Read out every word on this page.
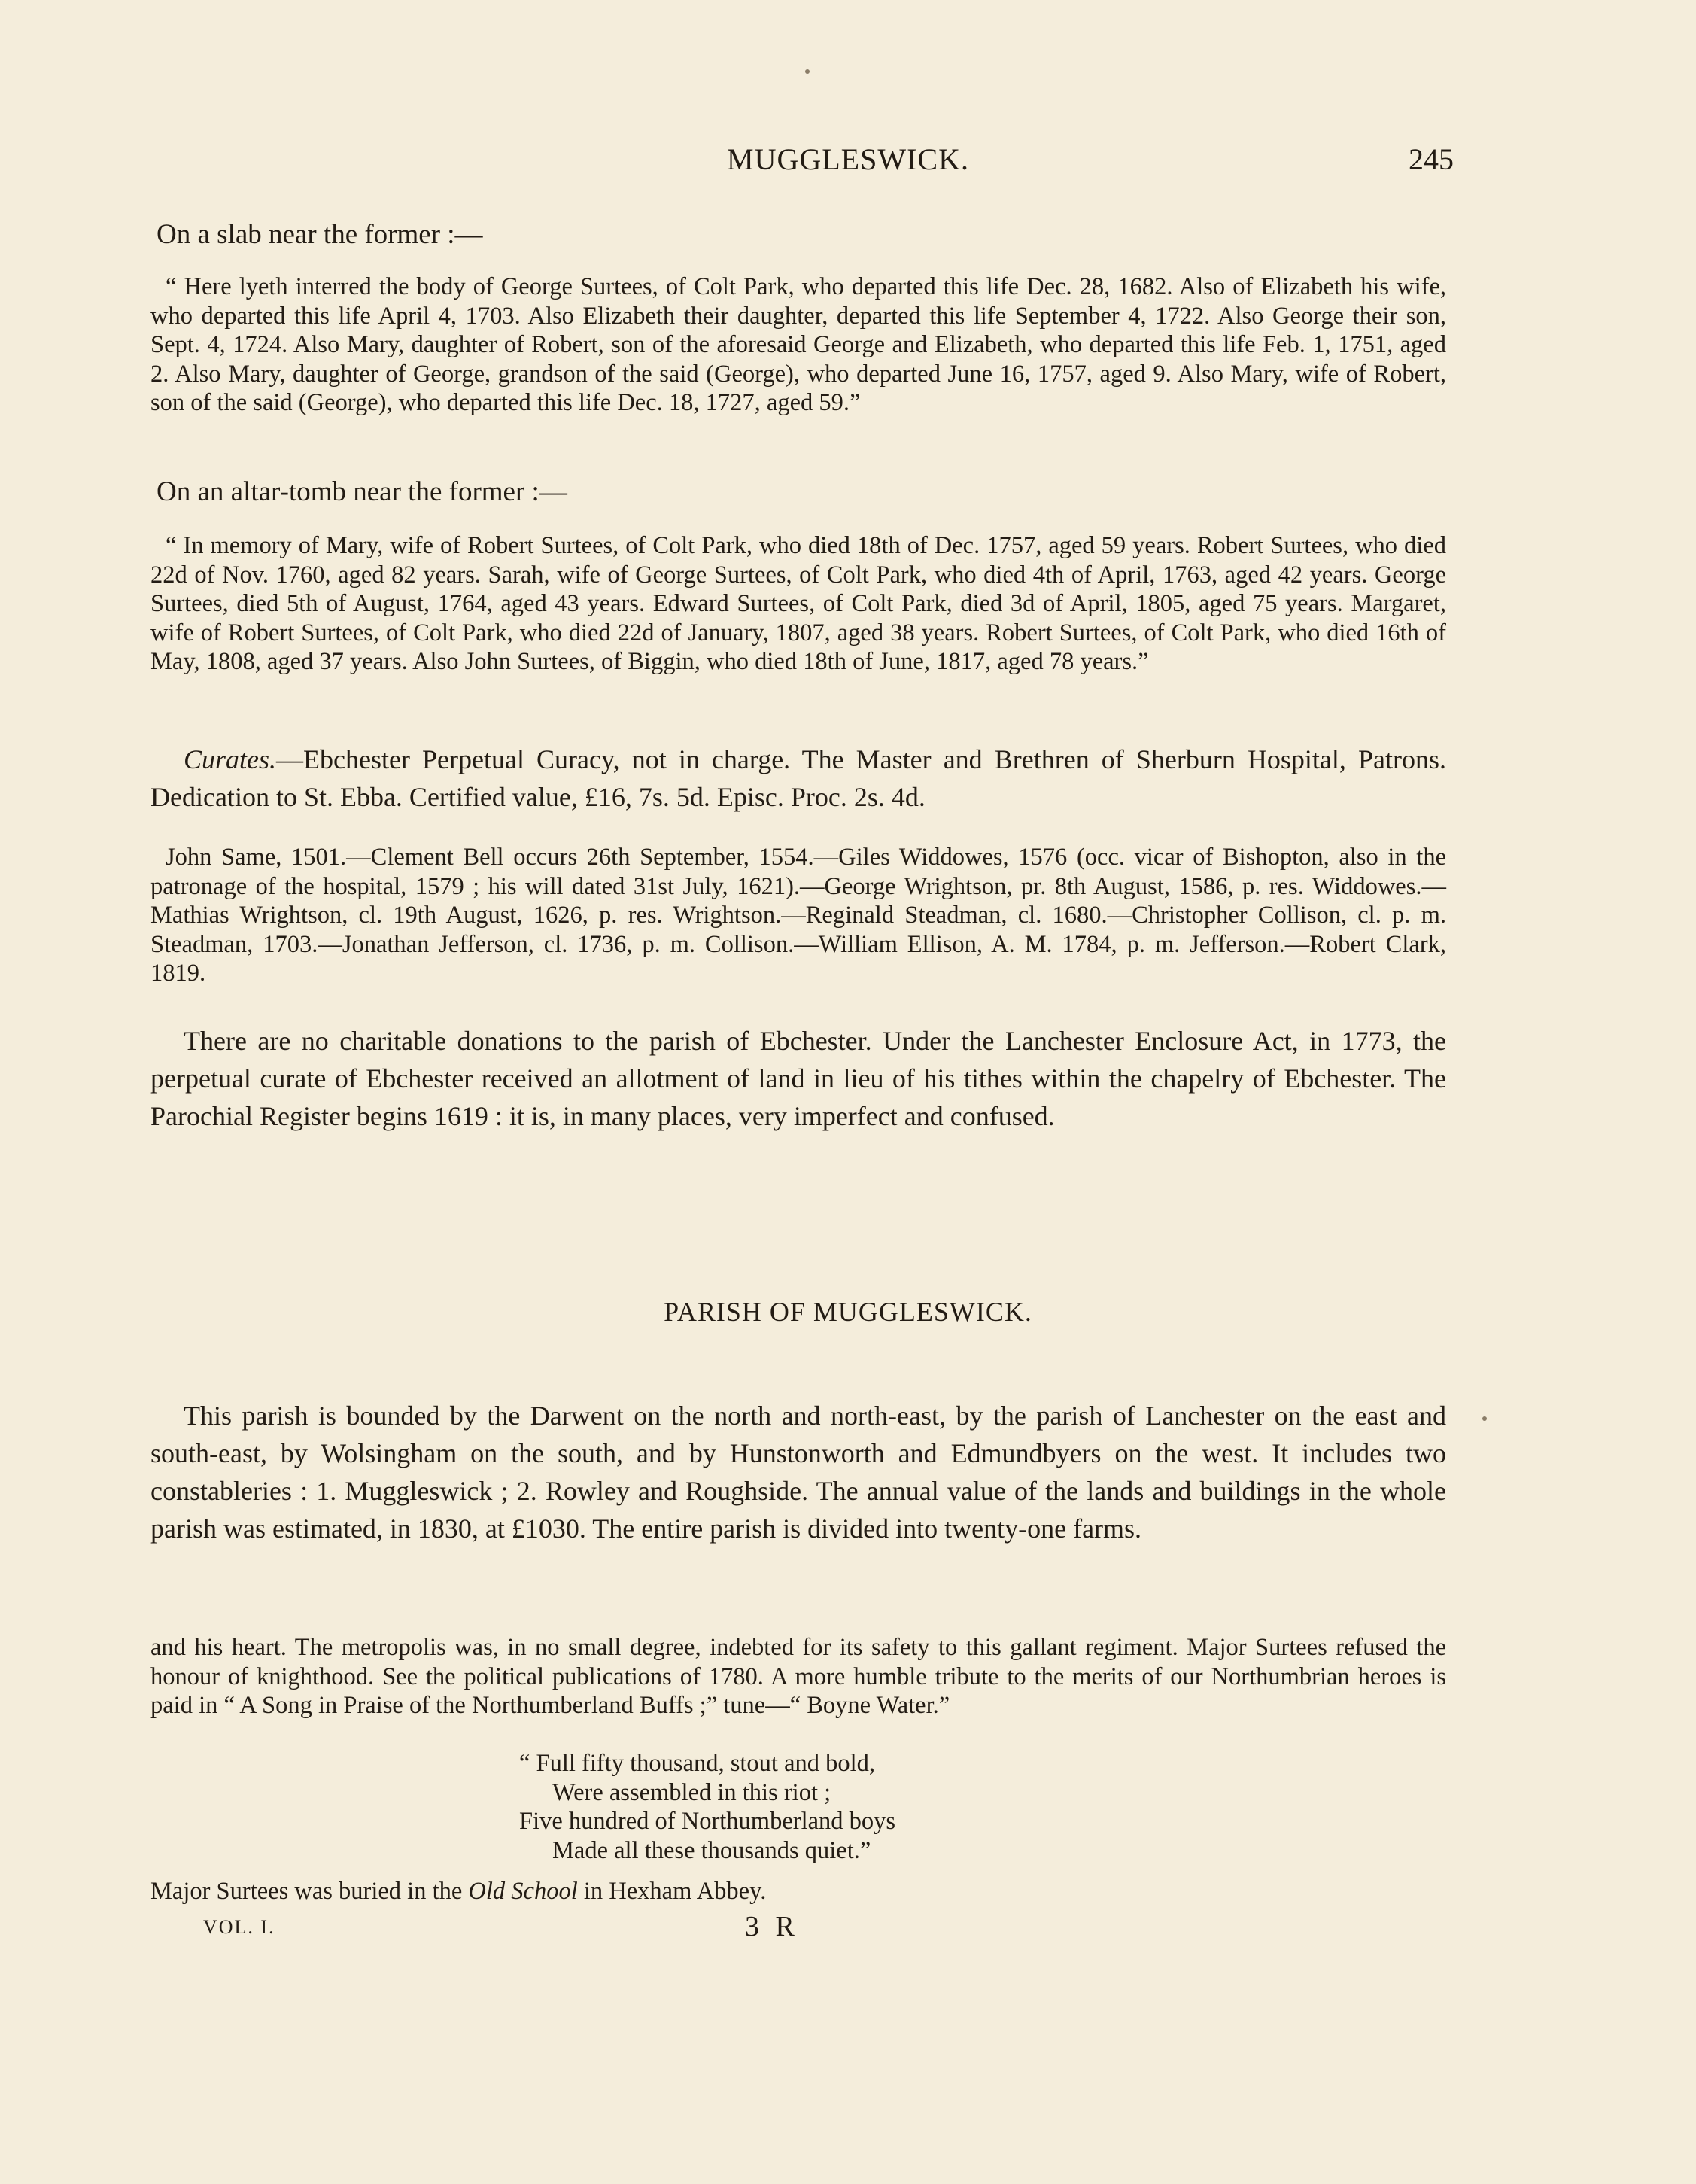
MUGGLESWICK.	245

On a slab near the former :—

“ Here lyeth interred the body of George Surtees, of Colt Park, who departed this life Dec. 28, 1682. Also of Elizabeth his wife, who departed this life April 4, 1703. Also Elizabeth their daughter, departed this life September 4, 1722. Also George their son, Sept. 4, 1724. Also Mary, daughter of Robert, son of the aforesaid George and Elizabeth, who departed this life Feb. 1, 1751, aged 2. Also Mary, daughter of George, grandson of the said (George), who departed June 16, 1757, aged 9. Also Mary, wife of Robert, son of the said (George), who departed this life Dec. 18, 1727, aged 59.”

On an altar-tomb near the former :—

“ In memory of Mary, wife of Robert Surtees, of Colt Park, who died 18th of Dec. 1757, aged 59 years. Robert Surtees, who died 22d of Nov. 1760, aged 82 years. Sarah, wife of George Surtees, of Colt Park, who died 4th of April, 1763, aged 42 years. George Surtees, died 5th of August, 1764, aged 43 years. Edward Surtees, of Colt Park, died 3d of April, 1805, aged 75 years. Margaret, wife of Robert Surtees, of Colt Park, who died 22d of January, 1807, aged 38 years. Robert Surtees, of Colt Park, who died 16th of May, 1808, aged 37 years. Also John Surtees, of Biggin, who died 18th of June, 1817, aged 78 years.”

Curates.—Ebchester Perpetual Curacy, not in charge. The Master and Brethren of Sherburn Hospital, Patrons. Dedication to St. Ebba. Certified value, £16, 7s. 5d. Episc. Proc. 2s. 4d.

John Same, 1501.—Clement Bell occurs 26th September, 1554.—Giles Widdowes, 1576 (occ. vicar of Bishopton, also in the patronage of the hospital, 1579 ; his will dated 31st July, 1621).—George Wrightson, pr. 8th August, 1586, p. res. Widdowes.—Mathias Wrightson, cl. 19th August, 1626, p. res. Wrightson.—Reginald Steadman, cl. 1680.—Christopher Collison, cl. p. m. Steadman, 1703.—Jonathan Jefferson, cl. 1736, p. m. Collison.—William Ellison, A. M. 1784, p. m. Jefferson.—Robert Clark, 1819.

There are no charitable donations to the parish of Ebchester. Under the Lanchester Enclosure Act, in 1773, the perpetual curate of Ebchester received an allotment of land in lieu of his tithes within the chapelry of Ebchester. The Parochial Register begins 1619 : it is, in many places, very imperfect and confused.

PARISH OF MUGGLESWICK.

This parish is bounded by the Darwent on the north and north-east, by the parish of Lanchester on the east and south-east, by Wolsingham on the south, and by Hunstonworth and Edmundbyers on the west. It includes two constableries : 1. Muggleswick ; 2. Rowley and Roughside. The annual value of the lands and buildings in the whole parish was estimated, in 1830, at £1030. The entire parish is divided into twenty-one farms.

and his heart. The metropolis was, in no small degree, indebted for its safety to this gallant regiment. Major Surtees refused the honour of knighthood. See the political publications of 1780. A more humble tribute to the merits of our Northumbrian heroes is paid in “ A Song in Praise of the Northumberland Buffs ;” tune—“ Boyne Water.”

“ Full fifty thousand, stout and bold,

Were assembled in this riot ;

Five hundred of Northumberland boys

Made all these thousands quiet.”

Major Surtees was buried in the Old School in Hexham Abbey.

VOL. I.	3 R
